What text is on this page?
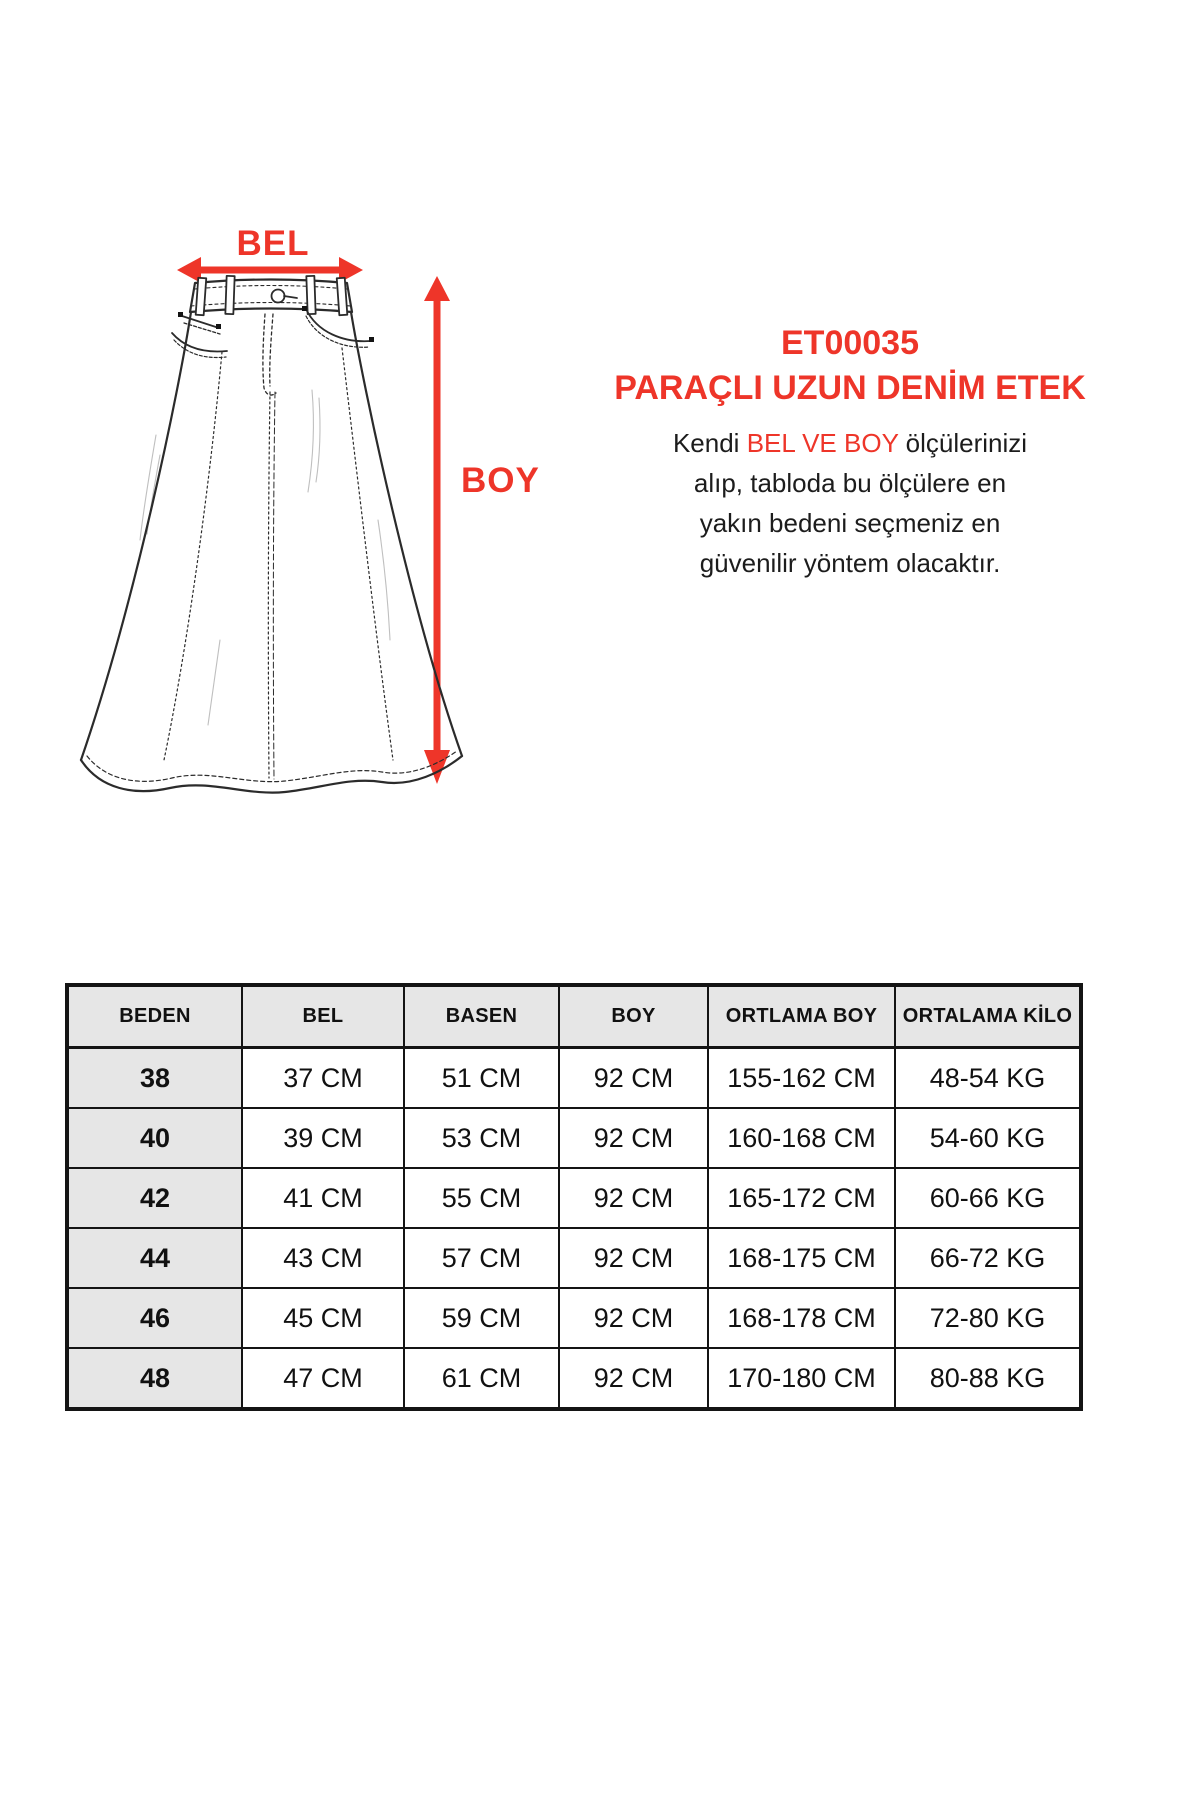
BEL
BOY

ET00035

PARAÇLI UZUN DENİM ETEK

Kendi BEL VE BOY ölçülerinizi
alıp, tabloda bu ölçülere en
yakın bedeni seçmeniz en
güvenilir yöntem olacaktır.
BEDEN	BEL	BASEN	BOY	ORTLAMA BOY	ORTALAMA KİLO
38	37 CM	51 CM	92 CM	155-162 CM	48-54 KG
40	39 CM	53 CM	92 CM	160-168 CM	54-60 KG
42	41 CM	55 CM	92 CM	165-172 CM	60-66 KG
44	43 CM	57 CM	92 CM	168-175 CM	66-72 KG
46	45 CM	59 CM	92 CM	168-178 CM	72-80 KG
48	47 CM	61 CM	92 CM	170-180 CM	80-88 KG
